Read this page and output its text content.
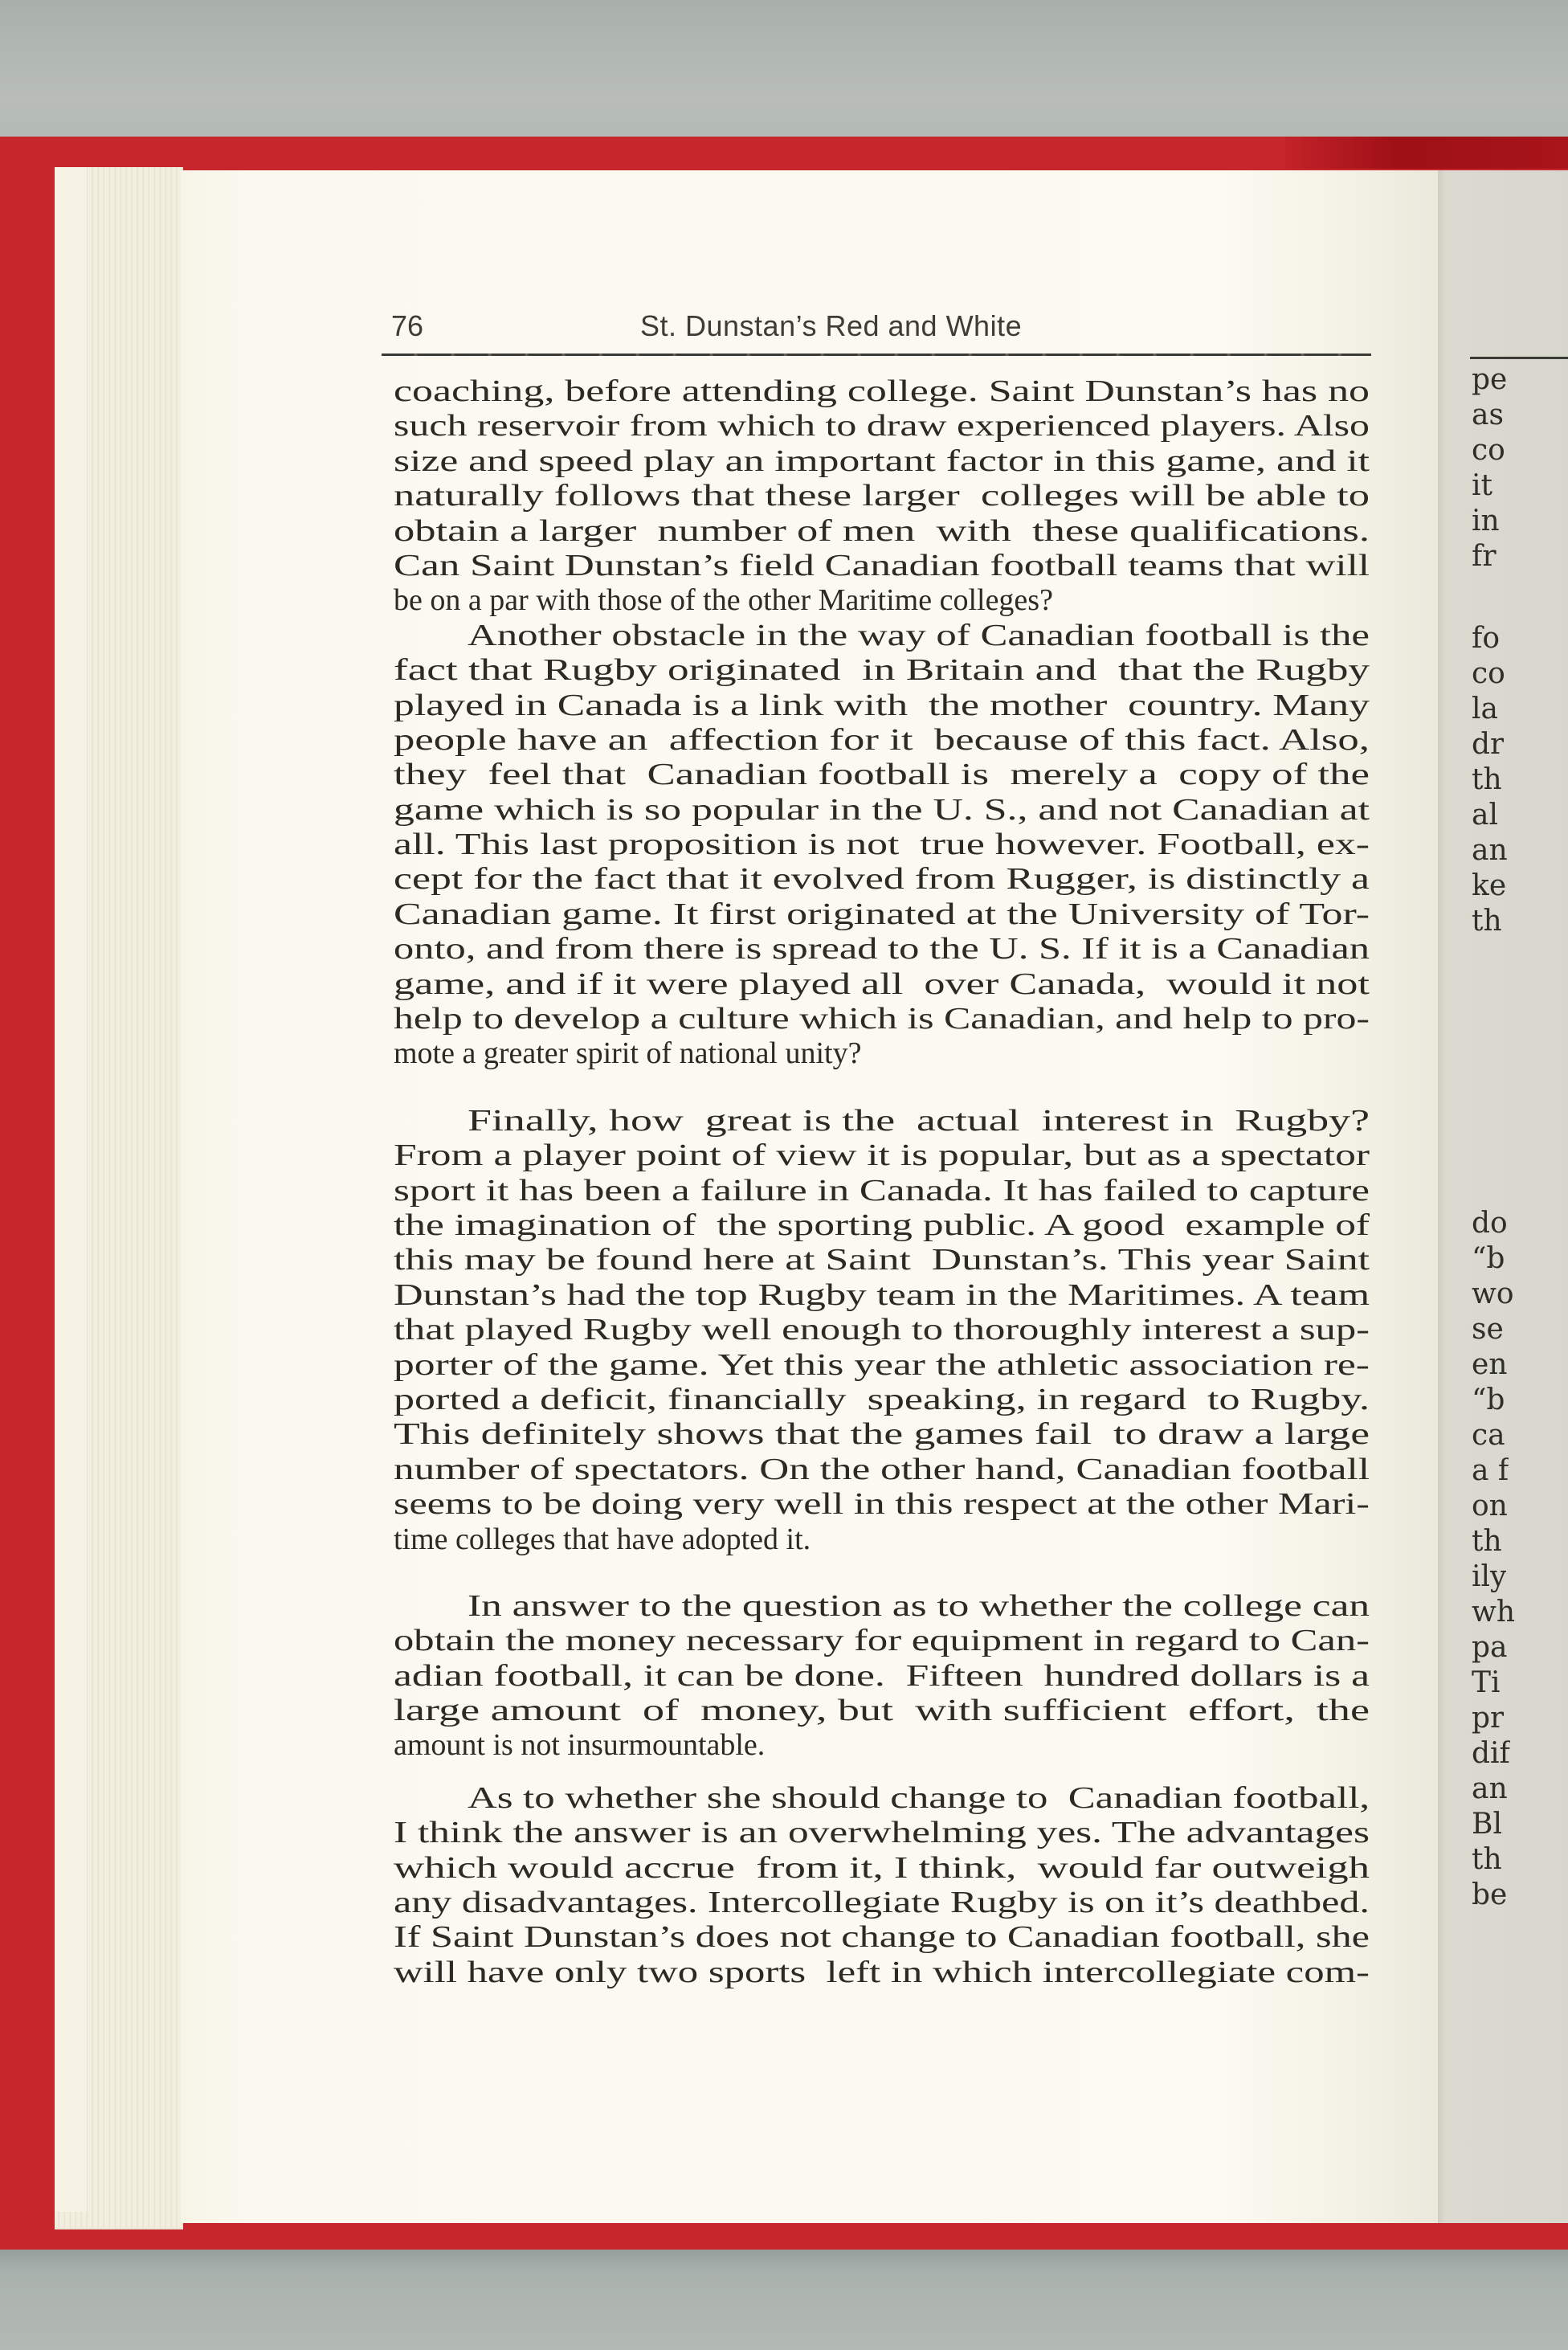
pe
as
co
it
in
fr
fo
co
la
dr
th
al
an
ke
th
do
“b
wo
se
en
“b
ca
a f
on
th
ily
wh
pa
Ti
pr
dif
an
Bl
th
be
76	St. Dunstan’s Red and White
coaching, before attending college. Saint Dunstan’s has no
such reservoir from which to draw experienced players. Also
size and speed play an important factor in this game, and it
naturally follows that these larger  colleges will be able to
obtain a larger  number of men  with  these qualifications.
Can Saint Dunstan’s field Canadian football teams that will
be on a par with those of the other Maritime colleges?
Another obstacle in the way of Canadian football is the
fact that Rugby originated  in Britain and  that the Rugby
played in Canada is a link with  the mother  country. Many
people have an  affection for it  because of this fact. Also,
they  feel that  Canadian football is  merely a  copy of the
game which is so popular in the U. S., and not Canadian at
all. This last proposition is not  true however. Football, ex-
cept for the fact that it evolved from Rugger, is distinctly a
Canadian game. It first originated at the University of Tor-
onto, and from there is spread to the U. S. If it is a Canadian
game, and if it were played all  over Canada,  would it not
help to develop a culture which is Canadian, and help to pro-
mote a greater spirit of national unity?
Finally, how  great is the  actual  interest in  Rugby?
From a player point of view it is popular, but as a spectator
sport it has been a failure in Canada. It has failed to capture
the imagination of  the sporting public. A good  example of
this may be found here at Saint  Dunstan’s. This year Saint
Dunstan’s had the top Rugby team in the Maritimes. A team
that played Rugby well enough to thoroughly interest a sup-
porter of the game. Yet this year the athletic association re-
ported a deficit, financially  speaking, in regard  to Rugby.
This definitely shows that the games fail  to draw a large
number of spectators. On the other hand, Canadian football
seems to be doing very well in this respect at the other Mari-
time colleges that have adopted it.
In answer to the question as to whether the college can
obtain the money necessary for equipment in regard to Can-
adian football, it can be done.  Fifteen  hundred dollars is a
large amount  of  money, but  with sufficient  effort,  the
amount is not insurmountable.
As to whether she should change to  Canadian football,
I think the answer is an overwhelming yes. The advantages
which would accrue  from it, I think,  would far outweigh
any disadvantages. Intercollegiate Rugby is on it’s deathbed.
If Saint Dunstan’s does not change to Canadian football, she
will have only two sports  left in which intercollegiate com-
